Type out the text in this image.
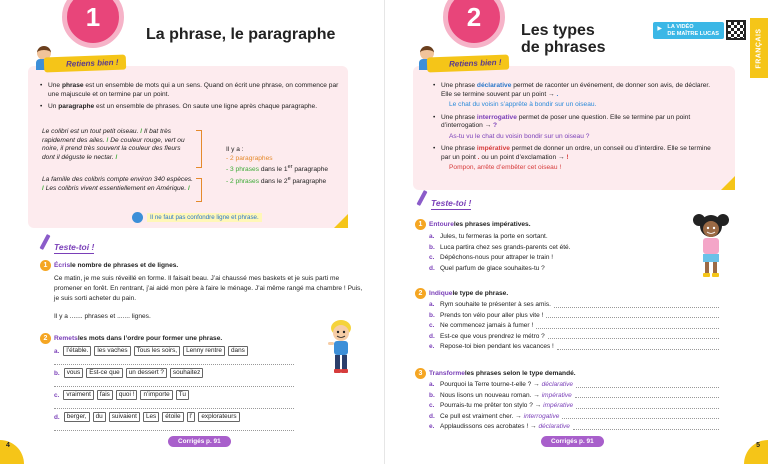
1
La phrase, le paragraphe
Retiens bien !
• Une phrase est un ensemble de mots qui a un sens. Quand on écrit une phrase, on commence par une majuscule et on termine par un point.
• Un paragraphe est un ensemble de phrases. On saute une ligne après chaque paragraphe.
Le colibri est un tout petit oiseau. / Il bat très rapidement des ailes. / De couleur rouge, vert ou noire, il prend très souvent la couleur des fleurs dont il déguste le nectar. /
La famille des colibris compte environ 340 espèces. / Les colibris vivent essentiellement en Amérique. /
Il y a :
- 2 paragraphes
- 3 phrases dans le 1er paragraphe
- 2 phrases dans le 2e paragraphe
Il ne faut pas confondre ligne et phrase.
Teste-toi !
1 Écris le nombre de phrases et de lignes.
Ce matin, je me suis réveillé en forme. Il faisait beau. J’ai chaussé mes baskets et je suis parti me promener en forêt. En rentrant, j’ai aidé mon père à faire le ménage. J’ai même rangé ma chambre ! Puis, je suis sorti acheter du pain.
Il y a ....... phrases et ....... lignes.
2 Remets les mots dans l’ordre pour former une phrase.
a.	l’étable.	les vaches	Tous les soirs,	Lenny rentre	dans
b.	vous	Est-ce que	un dessert ?	souhaitez
c.	vraiment	fais	quoi !	n’importe	Tu
d.	berger,	du	suivaient	Les	étoile	l’	explorateurs
Corrigés p. 91
4
2	Les types
de phrases
▶ LA VIDÉO
DE MAÎTRE LUCAS	FRANÇAIS
Retiens bien !
• Une phrase déclarative permet de raconter un événement, de donner son avis, de déclarer. Elle se termine souvent par un point → .
Le chat du voisin s’apprête à bondir sur un oiseau.
• Une phrase interrogative permet de poser une question. Elle se termine par un point d’interrogation → ?
As-tu vu le chat du voisin bondir sur un oiseau ?
• Une phrase impérative permet de donner un ordre, un conseil ou d’interdire. Elle se termine par un point . ou un point d’exclamation → !
Pompon, arrête d’embêter cet oiseau !
Teste-toi !
1 Entoure les phrases impératives.
a. Jules, tu fermeras la porte en sortant.
b. Luca partira chez ses grands-parents cet été.
c. Dépêchons-nous pour attraper le train !
d. Quel parfum de glace souhaites-tu ?
2 Indique le type de phrase.
a. Rym souhaite te présenter à ses amis.
b. Prends ton vélo pour aller plus vite !
c. Ne commencez jamais à fumer !
d. Est-ce que vous prendrez le métro ?
e. Repose-toi bien pendant les vacances !
3 Transforme les phrases selon le type demandé.
a. Pourquoi la Terre tourne-t-elle ? → déclarative
b. Nous lisons un nouveau roman. → impérative
c. Pourrais-tu me prêter ton stylo ? → impérative
d. Ce pull est vraiment cher. → interrogative
e. Applaudissons ces acrobates ! → déclarative
Corrigés p. 91
5
